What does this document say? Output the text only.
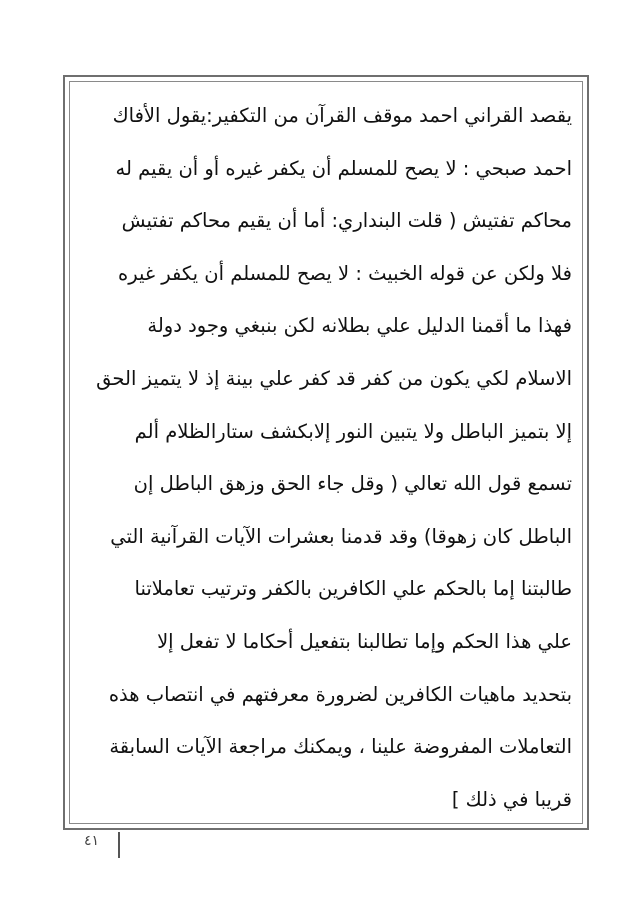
يقصد القراني احمد موقف القرآن من التكفير:يقول الأفاك
احمد صبحي : لا يصح للمسلم أن يكفر غيره أو أن يقيم له
محاكم تفتيش ( قلت البنداري: أما أن يقيم محاكم تفتيش
فلا ولكن عن قوله الخبيث : لا يصح للمسلم أن يكفر غيره
فهذا ما أقمنا الدليل علي بطلانه لكن بنبغي وجود دولة
الاسلام لكي يكون من كفر قد كفر علي بينة إذ لا يتميز الحق
إلا بتميز الباطل ولا يتبين النور إلابكشف ستارالظلام ألم
تسمع قول الله تعالي ( وقل جاء الحق وزهق الباطل إن
الباطل كان زهوقا) وقد قدمنا بعشرات الآيات القرآنية التي
طالبتنا إما بالحكم علي الكافرين بالكفر وترتيب تعاملاتنا
علي هذا الحكم وإما تطالبنا بتفعيل أحكاما لا تفعل إلا
بتحديد ماهيات الكافرين لضرورة معرفتهم في انتصاب هذه
التعاملات المفروضة علينا ، ويمكنك مراجعة الآيات السابقة
قريبا في ذلك ]
٤١
